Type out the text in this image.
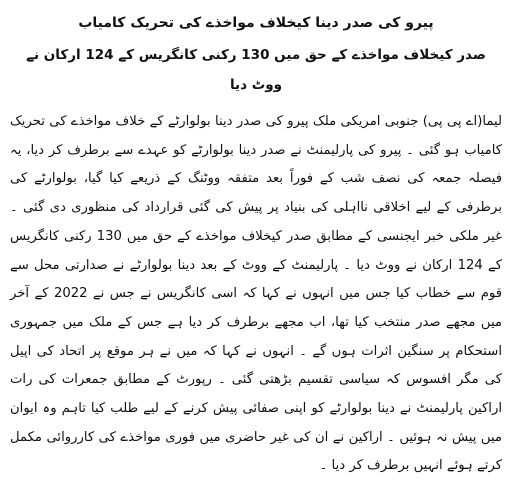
پیرو کی صدر دینا کیخلاف مواخذے کی تحریک کامیاب
صدر کیخلاف مواخذے کے حق میں 130 رکنی کانگریس کے 124 ارکان نے ووٹ دیا

لیما(اے پی پی) جنوبی امریکی ملک پیرو کی صدر دینا بولوارٹے کے خلاف مواخذے کی تحریک کامیاب ہو گئی ۔ پیرو کی پارلیمنٹ نے صدر دینا بولوارٹے کو عہدے سے برطرف کر دیا، یہ فیصلہ جمعہ کی نصف شب کے فوراً بعد متفقہ ووٹنگ کے ذریعے کیا گیا، بولوارٹے کی برطرفی کے لیے اخلاقی نااہلی کی بنیاد پر پیش کی گئی قرارداد کی منظوری دی گئی ۔ غیر ملکی خبر ایجنسی کے مطابق صدر کیخلاف مواخذے کے حق میں 130 رکنی کانگریس کے 124 ارکان نے ووٹ دیا ۔ پارلیمنٹ کے ووٹ کے بعد دینا بولوارٹے نے صدارتی محل سے قوم سے خطاب کیا جس میں انہوں نے کہا کہ اسی کانگریس نے جس نے 2022 کے آخر میں مجھے صدر منتخب کیا تھا، اب مجھے برطرف کر دیا ہے جس کے ملک میں جمہوری استحکام پر سنگین اثرات ہوں گے ۔ انہوں نے کہا کہ میں نے ہر موقع پر اتحاد کی اپیل کی مگر افسوس کہ سیاسی تقسیم بڑھتی گئی ۔ رپورٹ کے مطابق جمعرات کی رات اراکین پارلیمنٹ نے دینا بولوارٹے کو اپنی صفائی پیش کرنے کے لیے طلب کیا تاہم وہ ایوان میں پیش نہ ہوئیں ۔ اراکین نے ان کی غیر حاضری میں فوری مواخذے کی کارروائی مکمل کرتے ہوئے انہیں برطرف کر دیا ۔
